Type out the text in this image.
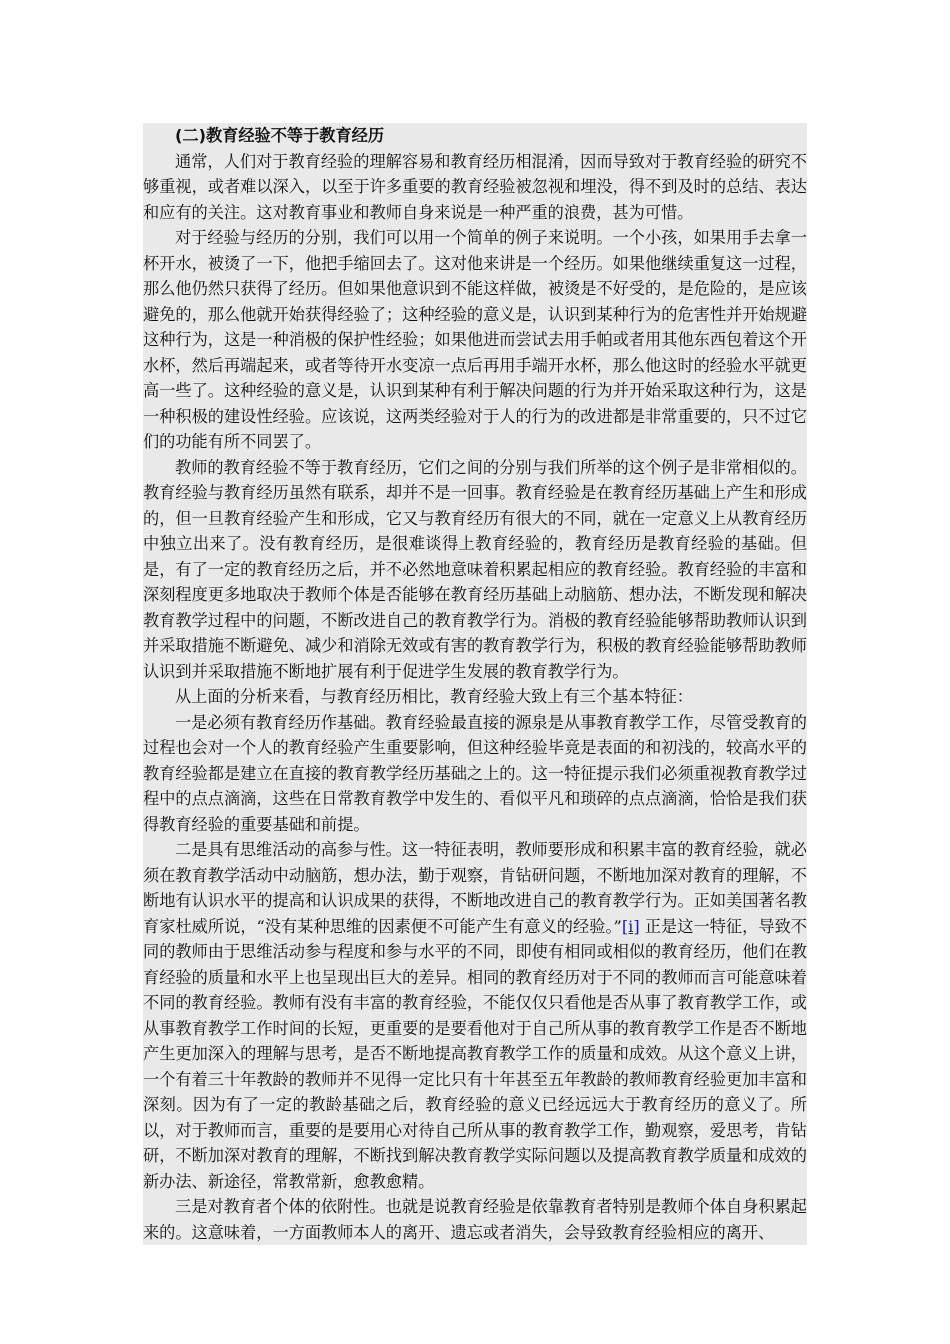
(二)教育经验不等于教育经历

通常，人们对于教育经验的理解容易和教育经历相混淆，因而导致对于教育经验的研究不够重视，或者难以深入，以至于许多重要的教育经验被忽视和埋没，得不到及时的总结、表达和应有的关注。这对教育事业和教师自身来说是一种严重的浪费，甚为可惜。

对于经验与经历的分别，我们可以用一个简单的例子来说明。一个小孩，如果用手去拿一杯开水，被烫了一下，他把手缩回去了。这对他来讲是一个经历。如果他继续重复这一过程，那么他仍然只获得了经历。但如果他意识到不能这样做，被烫是不好受的，是危险的，是应该避免的，那么他就开始获得经验了；这种经验的意义是，认识到某种行为的危害性并开始规避这种行为，这是一种消极的保护性经验；如果他进而尝试去用手帕或者用其他东西包着这个开水杯，然后再端起来，或者等待开水变凉一点后再用手端开水杯，那么他这时的经验水平就更高一些了。这种经验的意义是，认识到某种有利于解决问题的行为并开始采取这种行为，这是一种积极的建设性经验。应该说，这两类经验对于人的行为的改进都是非常重要的，只不过它们的功能有所不同罢了。

教师的教育经验不等于教育经历，它们之间的分别与我们所举的这个例子是非常相似的。教育经验与教育经历虽然有联系，却并不是一回事。教育经验是在教育经历基础上产生和形成的，但一旦教育经验产生和形成，它又与教育经历有很大的不同，就在一定意义上从教育经历中独立出来了。没有教育经历，是很难谈得上教育经验的，教育经历是教育经验的基础。但是，有了一定的教育经历之后，并不必然地意味着积累起相应的教育经验。教育经验的丰富和深刻程度更多地取决于教师个体是否能够在教育经历基础上动脑筋、想办法，不断发现和解决教育教学过程中的问题，不断改进自己的教育教学行为。消极的教育经验能够帮助教师认识到并采取措施不断避免、减少和消除无效或有害的教育教学行为，积极的教育经验能够帮助教师认识到并采取措施不断地扩展有利于促进学生发展的教育教学行为。

从上面的分析来看，与教育经历相比，教育经验大致上有三个基本特征：

一是必须有教育经历作基础。教育经验最直接的源泉是从事教育教学工作，尽管受教育的过程也会对一个人的教育经验产生重要影响，但这种经验毕竟是表面的和初浅的，较高水平的教育经验都是建立在直接的教育教学经历基础之上的。这一特征提示我们必须重视教育教学过程中的点点滴滴，这些在日常教育教学中发生的、看似平凡和琐碎的点点滴滴，恰恰是我们获得教育经验的重要基础和前提。

二是具有思维活动的高参与性。这一特征表明，教师要形成和积累丰富的教育经验，就必须在教育教学活动中动脑筋，想办法，勤于观察，肯钻研问题，不断地加深对教育的理解，不断地有认识水平的提高和认识成果的获得，不断地改进自己的教育教学行为。正如美国著名教育家杜威所说，“没有某种思维的因素便不可能产生有意义的经验。”[i] 正是这一特征，导致不同的教师由于思维活动参与程度和参与水平的不同，即使有相同或相似的教育经历，他们在教育经验的质量和水平上也呈现出巨大的差异。相同的教育经历对于不同的教师而言可能意味着不同的教育经验。教师有没有丰富的教育经验，不能仅仅只看他是否从事了教育教学工作，或从事教育教学工作时间的长短，更重要的是要看他对于自己所从事的教育教学工作是否不断地产生更加深入的理解与思考，是否不断地提高教育教学工作的质量和成效。从这个意义上讲，一个有着三十年教龄的教师并不见得一定比只有十年甚至五年教龄的教师教育经验更加丰富和深刻。因为有了一定的教龄基础之后，教育经验的意义已经远远大于教育经历的意义了。所以，对于教师而言，重要的是要用心对待自己所从事的教育教学工作，勤观察，爱思考，肯钻研，不断加深对教育的理解，不断找到解决教育教学实际问题以及提高教育教学质量和成效的新办法、新途径，常教常新，愈教愈精。

三是对教育者个体的依附性。也就是说教育经验是依靠教育者特别是教师个体自身积累起来的。这意味着，一方面教师本人的离开、遗忘或者消失，会导致教育经验相应的离开、
